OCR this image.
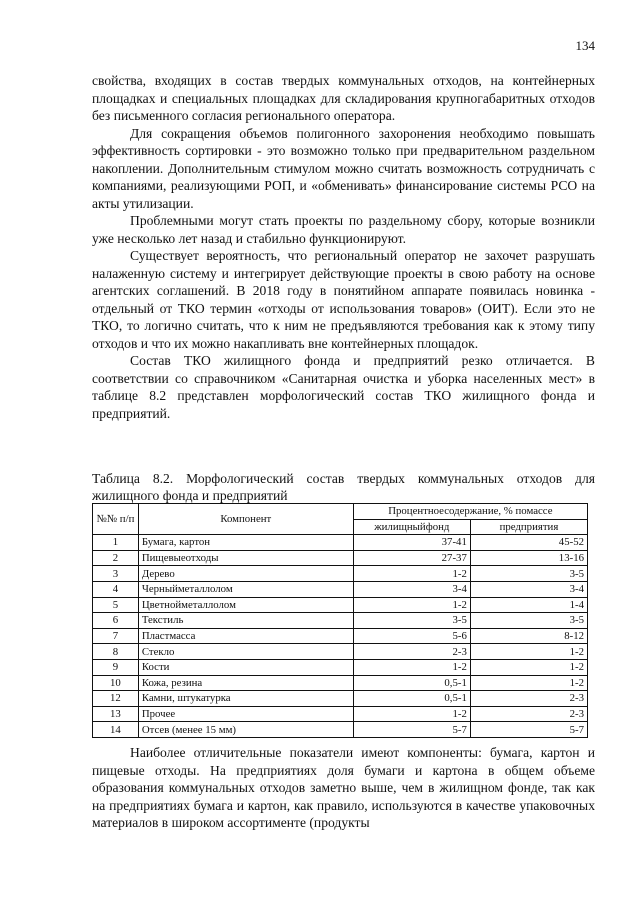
134

свойства, входящих в состав твердых коммунальных отходов, на контейнерных площадках и специальных площадках для складирования крупногабаритных отходов без письменного согласия регионального оператора.

Для сокращения объемов полигонного захоронения необходимо повышать эффективность сортировки - это возможно только при предварительном раздельном накоплении. Дополнительным стимулом можно считать возможность сотрудничать с компаниями, реализующими РОП, и «обменивать» финансирование системы РСО на акты утилизации.

Проблемными могут стать проекты по раздельному сбору, которые возникли уже несколько лет назад и стабильно функционируют.

Существует вероятность, что региональный оператор не захочет разрушать налаженную систему и интегрирует действующие проекты в свою работу на основе агентских соглашений. В 2018 году в понятийном аппарате появилась новинка - отдельный от ТКО термин «отходы от использования товаров» (ОИТ). Если это не ТКО, то логично считать, что к ним не предъявляются требования как к этому типу отходов и что их можно накапливать вне контейнерных площадок.

Состав ТКО жилищного фонда и предприятий резко отличается. В соответствии со справочником «Санитарная очистка и уборка населенных мест» в таблице 8.2 представлен морфологический состав ТКО жилищного фонда и предприятий.

Таблица 8.2. Морфологический состав твердых коммунальных отходов для жилищного фонда и предприятий
№№ п/п	Компонент	Процентноесодержание, % помассе	
		жилищныйфонд	предприятия
1	Бумага, картон	37-41	45-52
2	Пищевыеотходы	27-37	13-16
3	Дерево	1-2	3-5
4	Черныйметаллолом	3-4	3-4
5	Цветнойметаллолом	1-2	1-4
6	Текстиль	3-5	3-5
7	Пластмасса	5-6	8-12
8	Стекло	2-3	1-2
9	Кости	1-2	1-2
10	Кожа, резина	0,5-1	1-2
12	Камни, штукатурка	0,5-1	2-3
13	Прочее	1-2	2-3
14	Отсев (менее 15 мм)	5-7	5-7

Наиболее отличительные показатели имеют компоненты: бумага, картон и пищевые отходы. На предприятиях доля бумаги и картона в общем объеме образования коммунальных отходов заметно выше, чем в жилищном фонде, так как на предприятиях бумага и картон, как правило, используются в качестве упаковочных материалов в широком ассортименте (продукты
